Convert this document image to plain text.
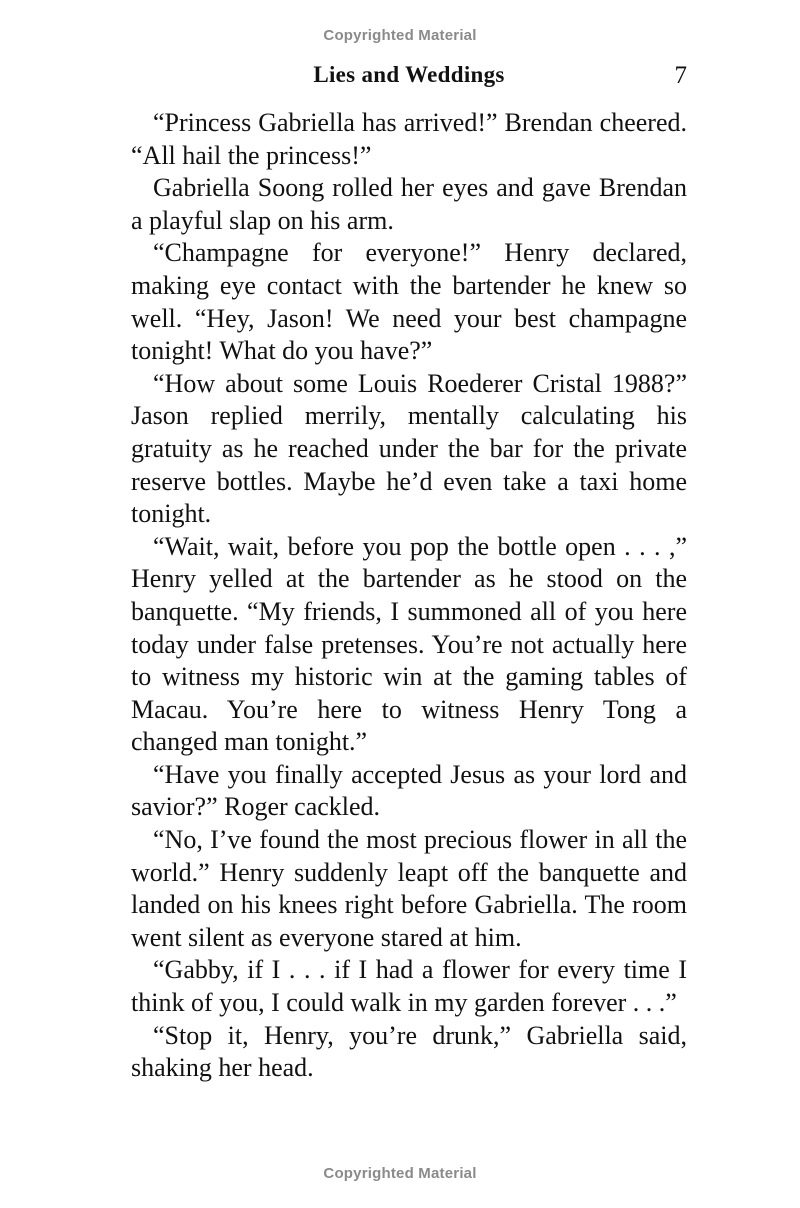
Copyrighted Material
Lies and Weddings	7

“Princess Gabriella has arrived!” Brendan cheered. “All hail the princess!”

Gabriella Soong rolled her eyes and gave Brendan a playful slap on his arm.

“Champagne for everyone!” Henry declared, making eye contact with the bartender he knew so well. “Hey, Jason! We need your best champagne tonight! What do you have?”

“How about some Louis Roederer Cristal 1988?” Jason replied merrily, mentally calculating his gratuity as he reached under the bar for the private reserve bottles. Maybe he’d even take a taxi home tonight.

“Wait, wait, before you pop the bottle open . . . ,” Henry yelled at the bartender as he stood on the banquette. “My friends, I summoned all of you here today under false pretenses. You’re not actually here to witness my historic win at the gaming tables of Macau. You’re here to witness Henry Tong a changed man tonight.”

“Have you finally accepted Jesus as your lord and savior?” Roger cackled.

“No, I’ve found the most precious flower in all the world.” Henry suddenly leapt off the banquette and landed on his knees right before Gabriella. The room went silent as everyone stared at him.

“Gabby, if I . . . if I had a flower for every time I think of you, I could walk in my garden forever . . .”

“Stop it, Henry, you’re drunk,” Gabriella said, shaking her head.

Copyrighted Material
